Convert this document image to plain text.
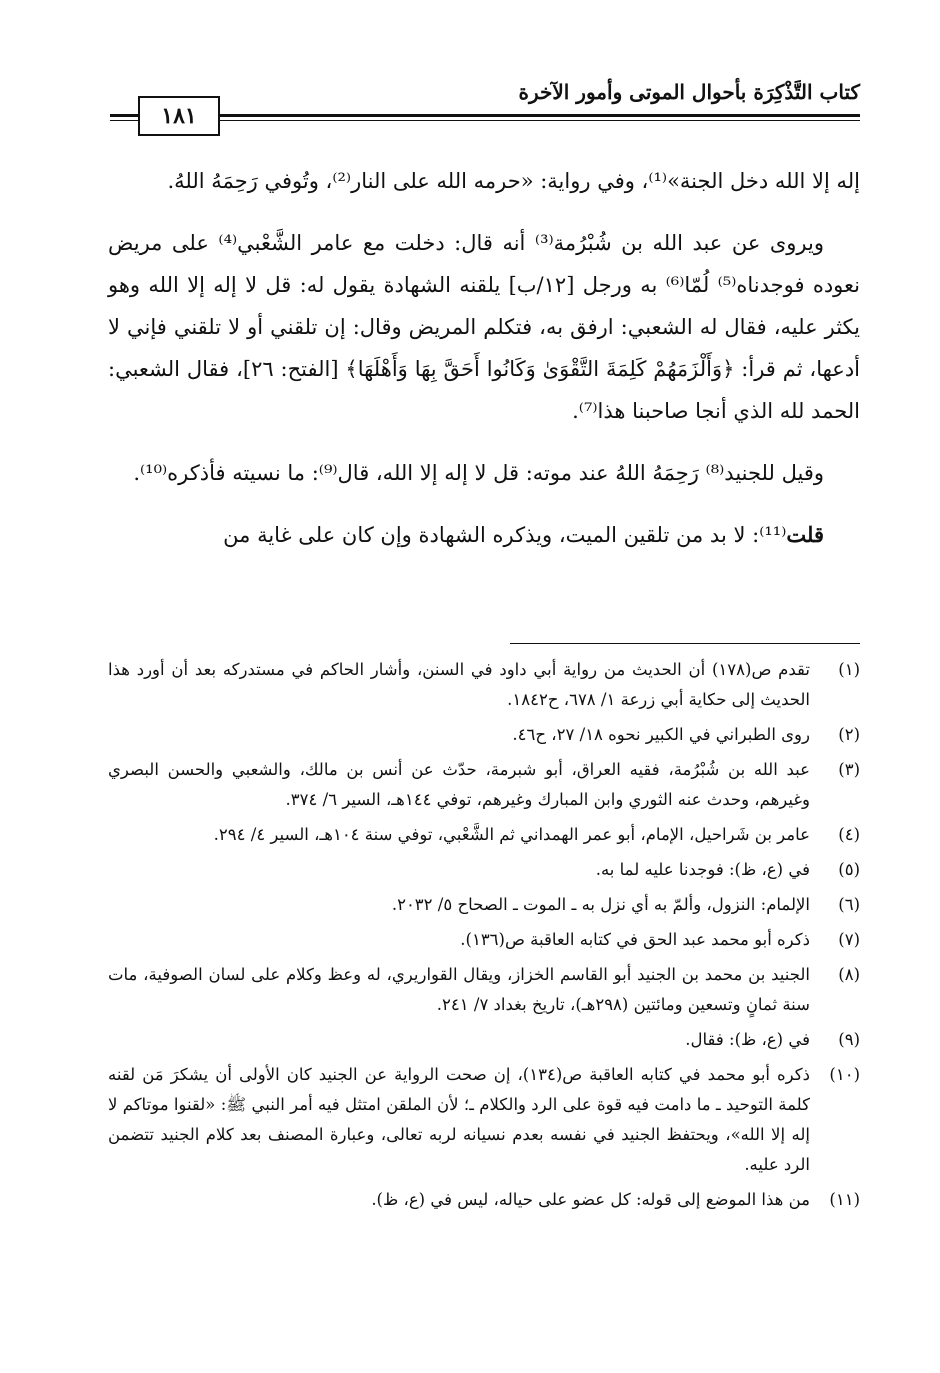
كتاب التَّذْكِرَة بأحوال الموتى وأمور الآخرة
١٨١

إله إلا الله دخل الجنة»⁽¹⁾، وفي رواية: «حرمه الله على النار⁽²⁾، وتُوفي رَحِمَهُ اللهُ.

ويروى عن عبد الله بن شُبْرُمة⁽³⁾ أنه قال: دخلت مع عامر الشَّعْبي⁽⁴⁾ على مريض نعوده فوجدناه⁽⁵⁾ لُمّا⁽⁶⁾ به ورجل [١٢/ب] يلقنه الشهادة يقول له: قل لا إله إلا الله وهو يكثر عليه، فقال له الشعبي: ارفق به، فتكلم المريض وقال: إن تلقني أو لا تلقني فإني لا أدعها، ثم قرأ: ﴿وَأَلْزَمَهُمْ كَلِمَةَ التَّقْوَىٰ وَكَانُوا أَحَقَّ بِهَا وَأَهْلَهَا﴾ [الفتح: ٢٦]، فقال الشعبي: الحمد لله الذي أنجا صاحبنا هذا⁽⁷⁾.

وقيل للجنيد⁽⁸⁾ رَحِمَهُ اللهُ عند موته: قل لا إله إلا الله، قال⁽⁹⁾: ما نسيته فأذكره⁽¹⁰⁾.

قلت⁽¹¹⁾: لا بد من تلقين الميت، ويذكره الشهادة وإن كان على غاية من

(١)
تقدم ص(١٧٨) أن الحديث من رواية أبي داود في السنن، وأشار الحاكم في مستدركه بعد أن أورد هذا الحديث إلى حكاية أبي زرعة ١/ ٦٧٨، ح١٨٤٢.
(٢)
روى الطبراني في الكبير نحوه ١٨/ ٢٧، ح٤٦.
(٣)
عبد الله بن شُبْرُمة، فقيه العراق، أبو شبرمة، حدّث عن أنس بن مالك، والشعبي والحسن البصري وغيرهم، وحدث عنه الثوري وابن المبارك وغيرهم، توفي ١٤٤هـ، السير ٦/ ٣٧٤.
(٤)
عامر بن شَراحيل، الإمام، أبو عمر الهمداني ثم الشَّعْبي، توفي سنة ١٠٤هـ، السير ٤/ ٢٩٤.
(٥)
في (ع، ظ): فوجدنا عليه لما به.
(٦)
الإلمام: النزول، وألمّ به أي نزل به ـ الموت ـ الصحاح ٥/ ٢٠٣٢.
(٧)
ذكره أبو محمد عبد الحق في كتابه العاقبة ص(١٣٦).
(٨)
الجنيد بن محمد بن الجنيد أبو القاسم الخزاز، ويقال القواريري، له وعظ وكلام على لسان الصوفية، مات سنة ثمانٍ وتسعين ومائتين (٢٩٨هـ)، تاريخ بغداد ٧/ ٢٤١.
(٩)
في (ع، ظ): فقال.
(١٠)
ذكره أبو محمد في كتابه العاقبة ص(١٣٤)، إن صحت الرواية عن الجنيد كان الأولى أن يشكرَ مَن لقنه كلمة التوحيد ـ ما دامت فيه قوة على الرد والكلام ـ؛ لأن الملقن امتثل فيه أمر النبي ﷺ: «لقنوا موتاكم لا إله إلا الله»، ويحتفظ الجنيد في نفسه بعدم نسيانه لربه تعالى، وعبارة المصنف بعد كلام الجنيد تتضمن الرد عليه.
(١١)
من هذا الموضع إلى قوله: كل عضو على حياله، ليس في (ع، ظ).
